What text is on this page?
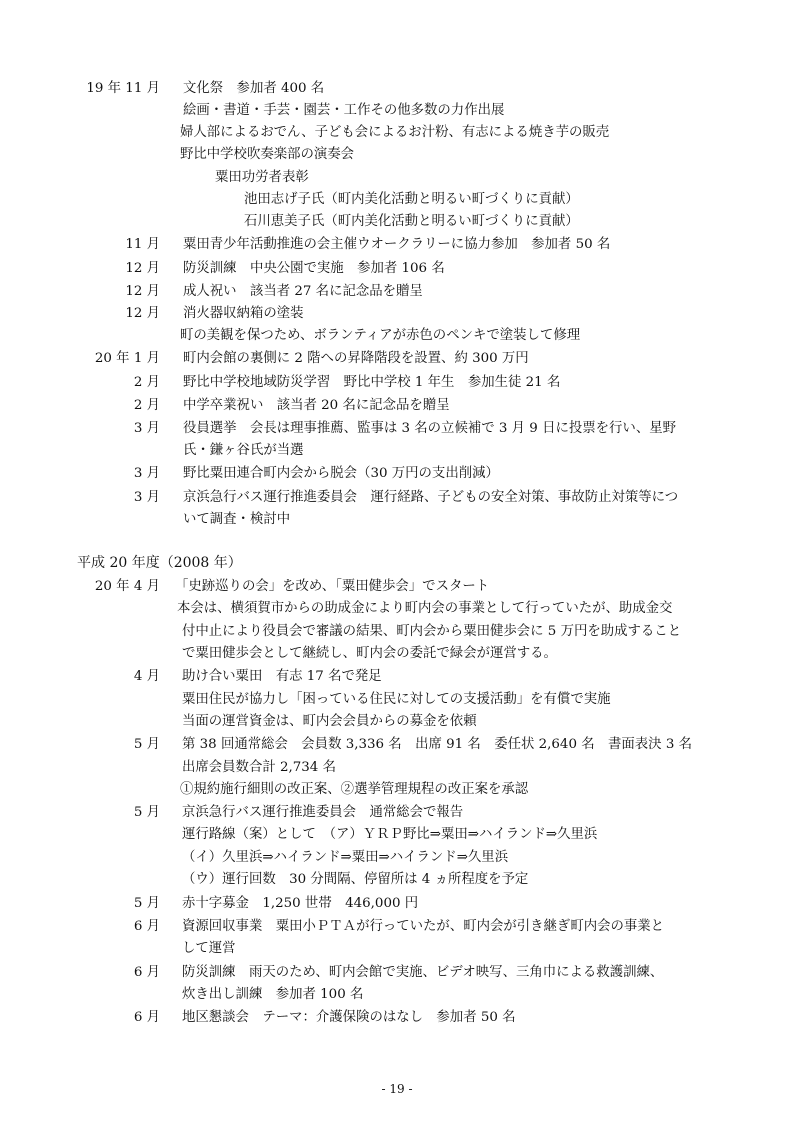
19 年 11 月 文化祭　参加者 400 名
絵画・書道・手芸・園芸・工作その他多数の力作出展
婦人部によるおでん、子ども会によるお汁粉、有志による焼き芋の販売
野比中学校吹奏楽部の演奏会
粟田功労者表彰
池田志げ子氏（町内美化活動と明るい町づくりに貢献）
石川恵美子氏（町内美化活動と明るい町づくりに貢献）
11 月 粟田青少年活動推進の会主催ウオークラリーに協力参加　参加者 50 名
12 月 防災訓練　中央公園で実施　参加者 106 名
12 月 成人祝い　該当者 27 名に記念品を贈呈
12 月 消火器収納箱の塗装
町の美観を保つため、ボランティアが赤色のペンキで塗装して修理
20 年 1 月 町内会館の裏側に 2 階への昇降階段を設置、約 300 万円
2 月 野比中学校地域防災学習　野比中学校 1 年生　参加生徒 21 名
2 月 中学卒業祝い　該当者 20 名に記念品を贈呈
3 月 役員選挙　会長は理事推薦、監事は 3 名の立候補で 3 月 9 日に投票を行い、星野
氏・鎌ヶ谷氏が当選
3 月 野比粟田連合町内会から脱会（30 万円の支出削減）
3 月 京浜急行バス運行推進委員会　運行経路、子どもの安全対策、事故防止対策等につ
いて調査・検討中
平成 20 年度（2008 年）
20 年 4 月 「史跡巡りの会」を改め、「粟田健歩会」でスタート
本会は、横須賀市からの助成金により町内会の事業として行っていたが、助成金交
付中止により役員会で審議の結果、町内会から粟田健歩会に 5 万円を助成すること
で粟田健歩会として継続し、町内会の委託で緑会が運営する。
4 月 助け合い粟田　有志 17 名で発足
粟田住民が協力し「困っている住民に対しての支援活動」を有償で実施
当面の運営資金は、町内会会員からの募金を依頼
5 月 第 38 回通常総会　会員数 3,336 名　出席 91 名　委任状 2,640 名　書面表決 3 名
出席会員数合計 2,734 名
①規約施行細則の改正案、②選挙管理規程の改正案を承認
5 月 京浜急行バス運行推進委員会　通常総会で報告
運行路線（案）として　（ア）ＹＲＰ野比⇒粟田⇒ハイランド⇒久里浜
（イ）久里浜⇒ハイランド⇒粟田⇒ハイランド⇒久里浜
（ウ）運行回数　30 分間隔、停留所は 4 ヵ所程度を予定
5 月 赤十字募金　1,250 世帯　446,000 円
6 月 資源回収事業　粟田小ＰＴＡが行っていたが、町内会が引き継ぎ町内会の事業と
して運営
6 月 防災訓練　雨天のため、町内会館で実施、ビデオ映写、三角巾による救護訓練、
炊き出し訓練　参加者 100 名
6 月 地区懇談会　テーマ：介護保険のはなし　参加者 50 名
- 19 -
